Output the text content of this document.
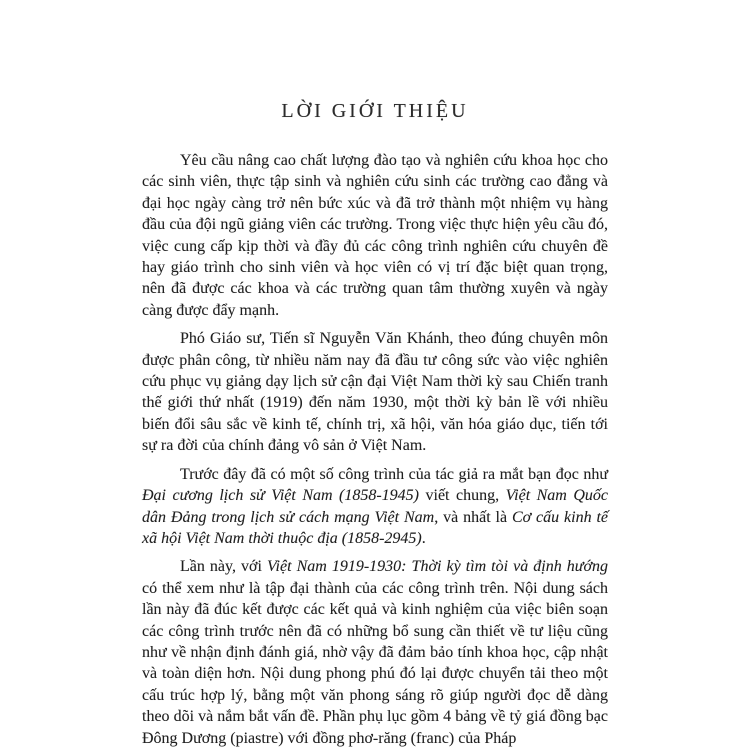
LỜI GIỚI THIỆU

Yêu cầu nâng cao chất lượng đào tạo và nghiên cứu khoa học cho các sinh viên, thực tập sinh và nghiên cứu sinh các trường cao đẳng và đại học ngày càng trở nên bức xúc và đã trở thành một nhiệm vụ hàng đầu của đội ngũ giảng viên các trường. Trong việc thực hiện yêu cầu đó, việc cung cấp kịp thời và đầy đủ các công trình nghiên cứu chuyên đề hay giáo trình cho sinh viên và học viên có vị trí đặc biệt quan trọng, nên đã được các khoa và các trường quan tâm thường xuyên và ngày càng được đẩy mạnh.

Phó Giáo sư, Tiến sĩ Nguyễn Văn Khánh, theo đúng chuyên môn được phân công, từ nhiều năm nay đã đầu tư công sức vào việc nghiên cứu phục vụ giảng dạy lịch sử cận đại Việt Nam thời kỳ sau Chiến tranh thế giới thứ nhất (1919) đến năm 1930, một thời kỳ bản lề với nhiều biến đổi sâu sắc về kinh tế, chính trị, xã hội, văn hóa giáo dục, tiến tới sự ra đời của chính đảng vô sản ở Việt Nam.

Trước đây đã có một số công trình của tác giả ra mắt bạn đọc như Đại cương lịch sử Việt Nam (1858-1945) viết chung, Việt Nam Quốc dân Đảng trong lịch sử cách mạng Việt Nam, và nhất là Cơ cấu kinh tế xã hội Việt Nam thời thuộc địa (1858-2945).

Lần này, với Việt Nam 1919-1930: Thời kỳ tìm tòi và định hướng có thể xem như là tập đại thành của các công trình trên. Nội dung sách lần này đã đúc kết được các kết quả và kinh nghiệm của việc biên soạn các công trình trước nên đã có những bổ sung cần thiết về tư liệu cũng như về nhận định đánh giá, nhờ vậy đã đảm bảo tính khoa học, cập nhật và toàn diện hơn. Nội dung phong phú đó lại được chuyển tải theo một cấu trúc hợp lý, bằng một văn phong sáng rõ giúp người đọc dễ dàng theo dõi và nắm bắt vấn đề. Phần phụ lục gồm 4 bảng về tỷ giá đồng bạc Đông Dương (piastre) với đồng phơ-răng (franc) của Pháp
